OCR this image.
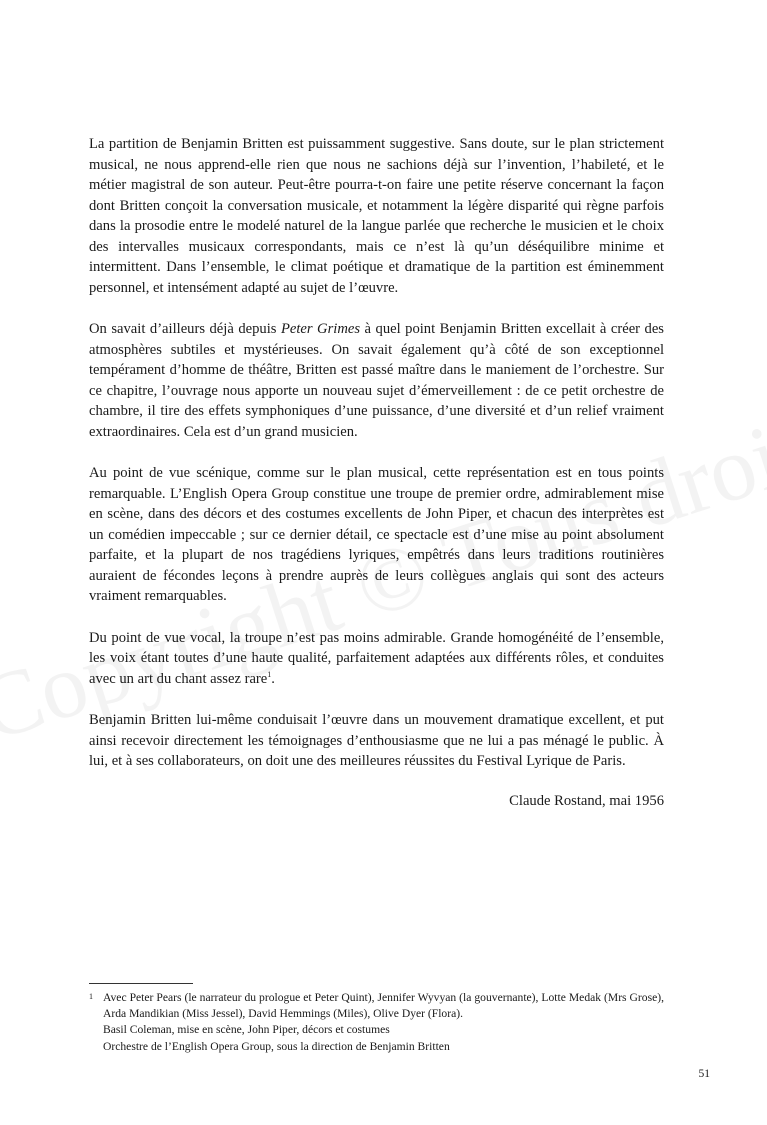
La partition de Benjamin Britten est puissamment suggestive. Sans doute, sur le plan strictement musical, ne nous apprend-elle rien que nous ne sachions déjà sur l’invention, l’habileté, et le métier magistral de son auteur. Peut-être pourra-t-on faire une petite réserve concernant la façon dont Britten conçoit la conversation musicale, et notamment la légère disparité qui règne parfois dans la prosodie entre le modelé naturel de la langue parlée que recherche le musicien et le choix des intervalles musicaux correspondants, mais ce n’est là qu’un déséquilibre minime et intermittent. Dans l’ensemble, le climat poétique et dramatique de la partition est éminemment personnel, et intensément adapté au sujet de l’œuvre.

On savait d’ailleurs déjà depuis Peter Grimes à quel point Benjamin Britten excellait à créer des atmosphères subtiles et mystérieuses. On savait également qu’à côté de son exceptionnel tempérament d’homme de théâtre, Britten est passé maître dans le maniement de l’orchestre. Sur ce chapitre, l’ouvrage nous apporte un nouveau sujet d’émerveillement : de ce petit orchestre de chambre, il tire des effets symphoniques d’une puissance, d’une diversité et d’un relief vraiment extraordinaires. Cela est d’un grand musicien.

Au point de vue scénique, comme sur le plan musical, cette représentation est en tous points remarquable. L’English Opera Group constitue une troupe de premier ordre, admirablement mise en scène, dans des décors et des costumes excellents de John Piper, et chacun des interprètes est un comédien impeccable ; sur ce dernier détail, ce spectacle est d’une mise au point absolument parfaite, et la plupart de nos tragédiens lyriques, empêtrés dans leurs traditions routinières auraient de fécondes leçons à prendre auprès de leurs collègues anglais qui sont des acteurs vraiment remarquables.

Du point de vue vocal, la troupe n’est pas moins admirable. Grande homogénéité de l’ensemble, les voix étant toutes d’une haute qualité, parfaitement adaptées aux différents rôles, et conduites avec un art du chant assez rare$^1$.

Benjamin Britten lui-même conduisait l’œuvre dans un mouvement dramatique excellent, et put ainsi recevoir directement les témoignages d’enthousiasme que ne lui a pas ménagé le public. À lui, et à ses collaborateurs, on doit une des meilleures réussites du Festival Lyrique de Paris.

Claude Rostand, mai 1956
1 Avec Peter Pears (le narrateur du prologue et Peter Quint), Jennifer Wyvyan (la gouvernante), Lotte Medak (Mrs Grose), Arda Mandikian (Miss Jessel), David Hemmings (Miles), Olive Dyer (Flora).
Basil Coleman, mise en scène, John Piper, décors et costumes
Orchestre de l’English Opera Group, sous la direction de Benjamin Britten
51
